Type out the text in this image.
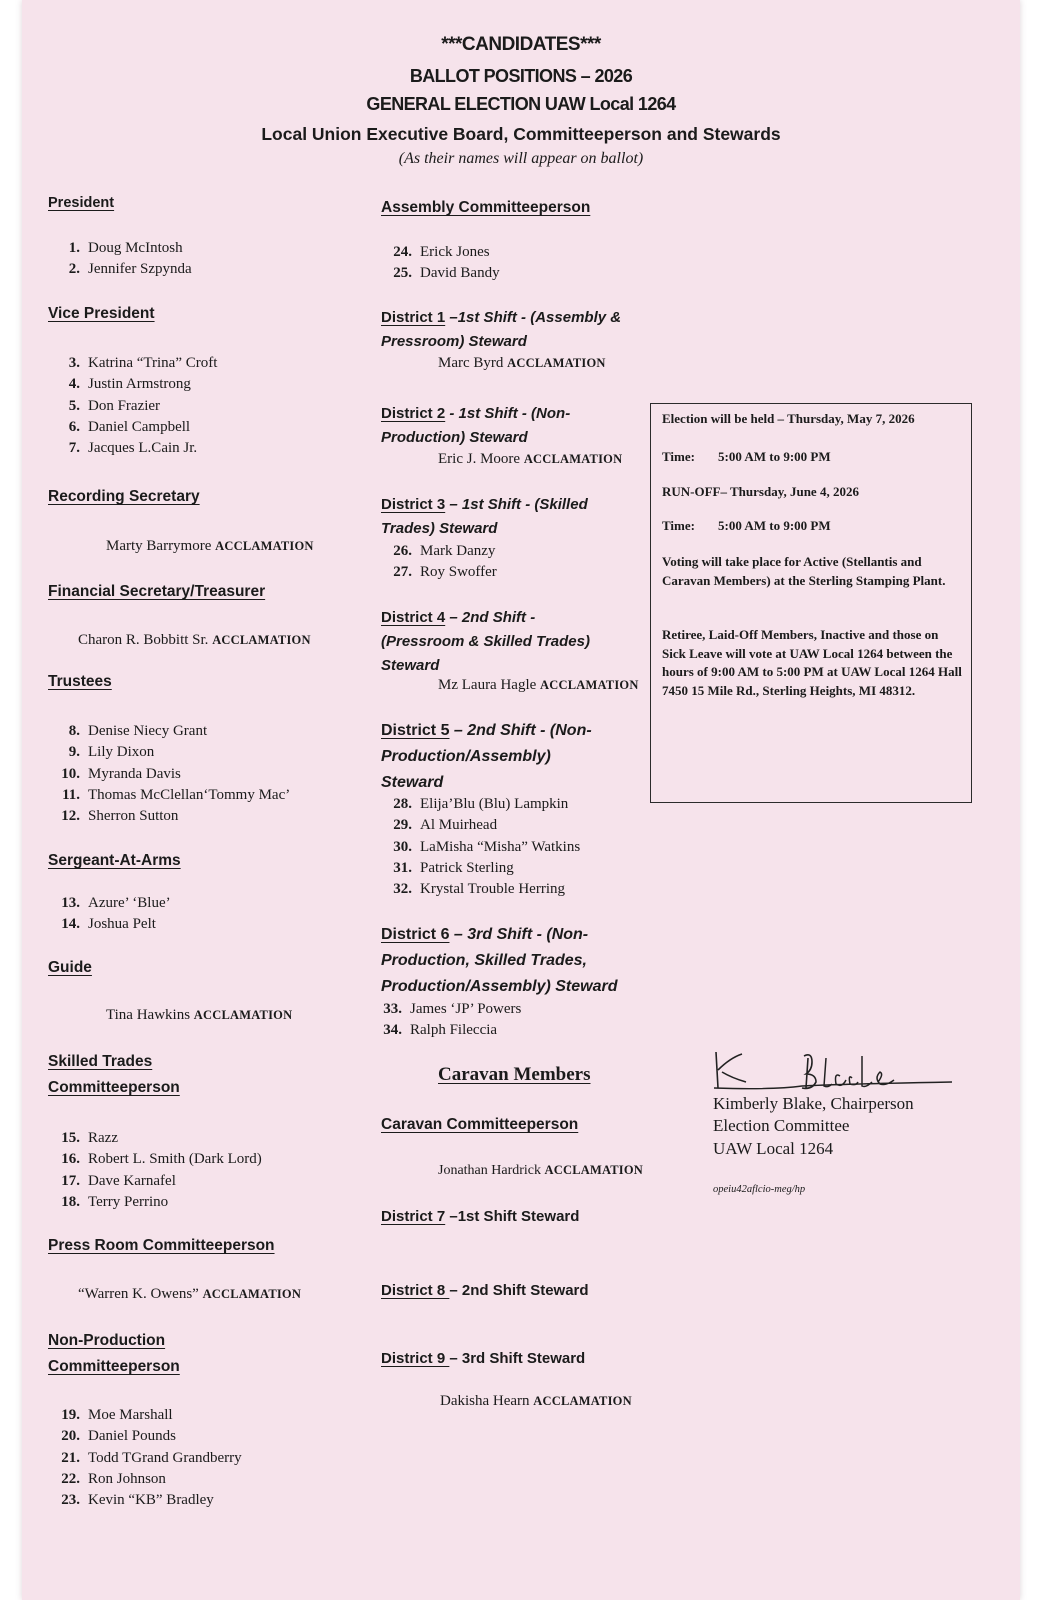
***CANDIDATES***

BALLOT POSITIONS – 2026

GENERAL ELECTION UAW Local 1264

Local Union Executive Board, Committeeperson and Stewards

(As their names will appear on ballot)

President

1. Doug McIntosh
2. Jennifer Szpynda

Vice President

3. Katrina “Trina” Croft
4. Justin Armstrong
5. Don Frazier
6. Daniel Campbell
7. Jacques L.Cain Jr.

Recording Secretary

Marty Barrymore ACCLAMATION

Financial Secretary/Treasurer

Charon R. Bobbitt Sr. ACCLAMATION

Trustees

8. Denise Niecy Grant
9. Lily Dixon
10. Myranda Davis
11. Thomas McClellan‘Tommy Mac’
12. Sherron Sutton

Sergeant-At-Arms

13. Azure’ ‘Blue’
14. Joshua Pelt

Guide

Tina Hawkins ACCLAMATION

Skilled Trades

Committeeperson

15. Razz
16. Robert L. Smith (Dark Lord)
17. Dave Karnafel
18. Terry Perrino

Press Room Committeeperson

“Warren K. Owens” ACCLAMATION

Non-Production

Committeeperson

19. Moe Marshall
20. Daniel Pounds
21. Todd TGrand Grandberry
22. Ron Johnson
23. Kevin “KB” Bradley

Assembly Committeeperson

24. Erick Jones
25. David Bandy
District 1 –1st Shift - (Assembly &
Pressroom) Steward

Marc Byrd ACCLAMATION

District 2 - 1st Shift - (Non-
Production) Steward

Eric J. Moore ACCLAMATION

District 3 – 1st Shift - (Skilled
Trades) Steward
26. Mark Danzy
27. Roy Swoffer
District 4 – 2nd Shift -
(Pressroom & Skilled Trades)
Steward

Mz Laura Hagle ACCLAMATION

District 5 – 2nd Shift - (Non-
Production/Assembly)
Steward
28. Elija’Blu (Blu) Lampkin
29. Al Muirhead
30. LaMisha “Misha” Watkins
31. Patrick Sterling
32. Krystal Trouble Herring
District 6 – 3rd Shift - (Non-
Production, Skilled Trades,
Production/Assembly) Steward
33. James ‘JP’ Powers
34. Ralph Fileccia

Caravan Members

Caravan Committeeperson

Jonathan Hardrick ACCLAMATION

District 7 –1st Shift Steward
District 8 – 2nd Shift Steward
District 9 – 3rd Shift Steward

Dakisha Hearn ACCLAMATION

Election will be held – Thursday, May 7, 2026

Time: 5:00 AM to 9:00 PM

RUN-OFF– Thursday, June 4, 2026

Time: 5:00 AM to 9:00 PM

Voting will take place for Active (Stellantis and Caravan Members) at the Sterling Stamping Plant.

Retiree, Laid-Off Members, Inactive and those on Sick Leave will vote at UAW Local 1264 between the hours of 9:00 AM to 5:00 PM at UAW Local 1264 Hall 7450 15 Mile Rd., Sterling Heights, MI 48312.

Kimberly Blake, Chairperson

Election Committee

UAW Local 1264

opeiu42aflcio-meg/hp
